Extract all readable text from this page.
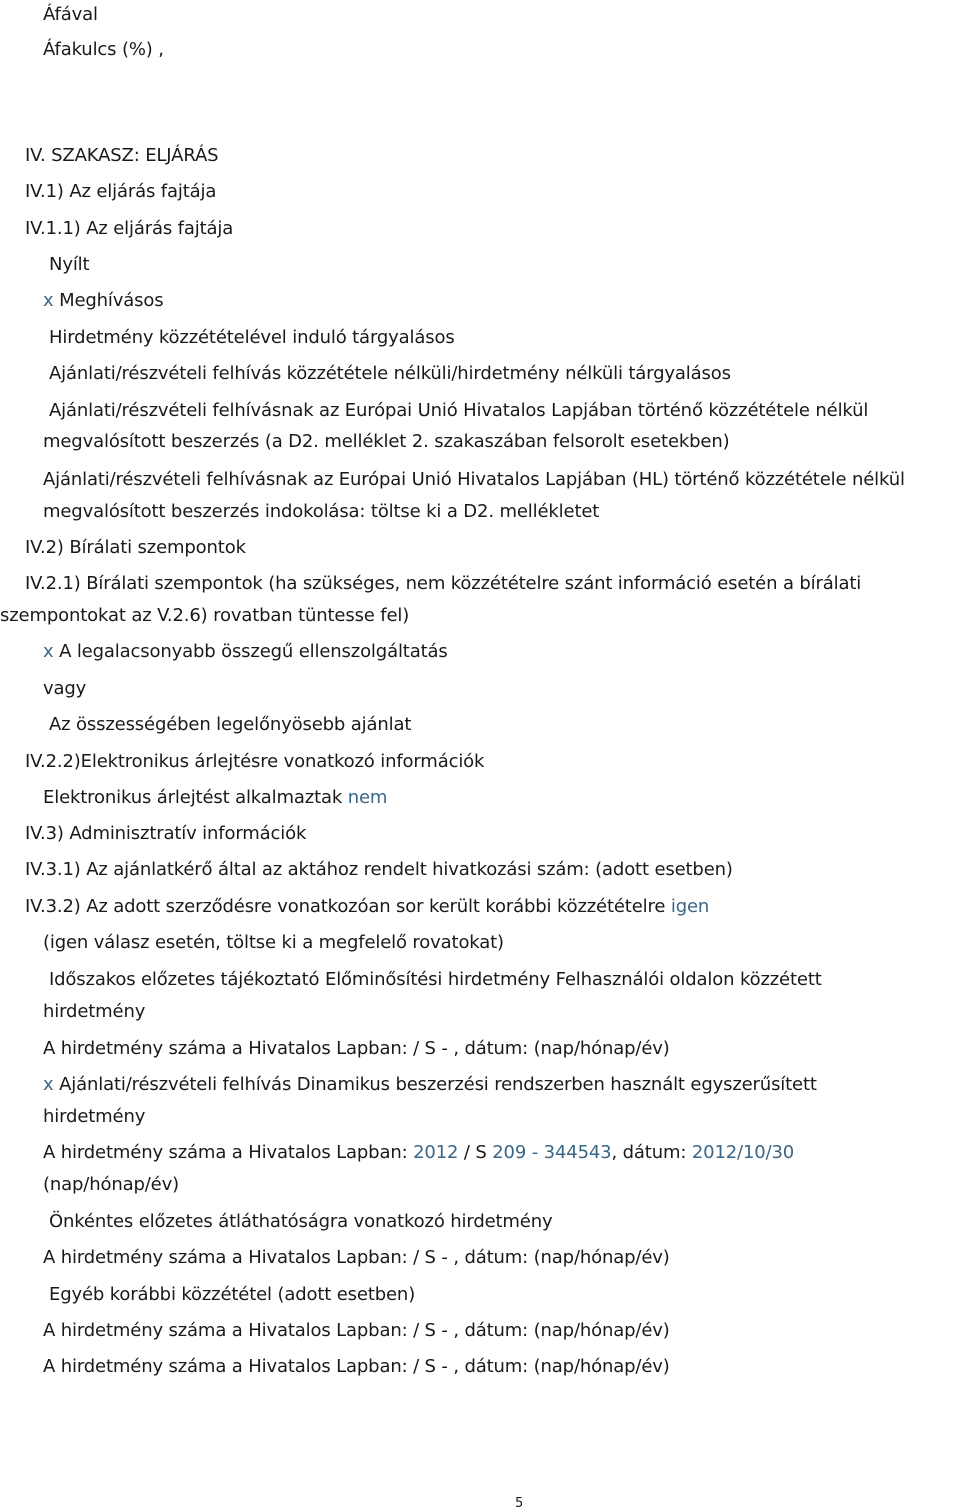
Áfával
Áfakulcs (%) ,
IV. SZAKASZ: ELJÁRÁS
IV.1) Az eljárás fajtája
IV.1.1) Az eljárás fajtája
Nyílt
x Meghívásos
Hirdetmény közzétételével induló tárgyalásos
Ajánlati/részvételi felhívás közzététele nélküli/hirdetmény nélküli tárgyalásos
Ajánlati/részvételi felhívásnak az Európai Unió Hivatalos Lapjában történő közzététele nélkül
megvalósított beszerzés (a D2. melléklet 2. szakaszában felsorolt esetekben)
Ajánlati/részvételi felhívásnak az Európai Unió Hivatalos Lapjában (HL) történő közzététele nélkül
megvalósított beszerzés indokolása: töltse ki a D2. mellékletet
IV.2) Bírálati szempontok
IV.2.1) Bírálati szempontok (ha szükséges, nem közzétételre szánt információ esetén a bírálati
szempontokat az V.2.6) rovatban tüntesse fel)
x A legalacsonyabb összegű ellenszolgáltatás
vagy
Az összességében legelőnyösebb ajánlat
IV.2.2)Elektronikus árlejtésre vonatkozó információk
Elektronikus árlejtést alkalmaztak nem
IV.3) Adminisztratív információk
IV.3.1) Az ajánlatkérő által az aktához rendelt hivatkozási szám: (adott esetben)
IV.3.2) Az adott szerződésre vonatkozóan sor került korábbi közzétételre igen
(igen válasz esetén, töltse ki a megfelelő rovatokat)
Időszakos előzetes tájékoztató Előminősítési hirdetmény Felhasználói oldalon közzétett
hirdetmény
A hirdetmény száma a Hivatalos Lapban: / S - , dátum: (nap/hónap/év)
x Ajánlati/részvételi felhívás Dinamikus beszerzési rendszerben használt egyszerűsített
hirdetmény
A hirdetmény száma a Hivatalos Lapban: 2012 / S 209 - 344543, dátum: 2012/10/30
(nap/hónap/év)
Önkéntes előzetes átláthatóságra vonatkozó hirdetmény
A hirdetmény száma a Hivatalos Lapban: / S - , dátum: (nap/hónap/év)
Egyéb korábbi közzététel (adott esetben)
A hirdetmény száma a Hivatalos Lapban: / S - , dátum: (nap/hónap/év)
A hirdetmény száma a Hivatalos Lapban: / S - , dátum: (nap/hónap/év)
5
